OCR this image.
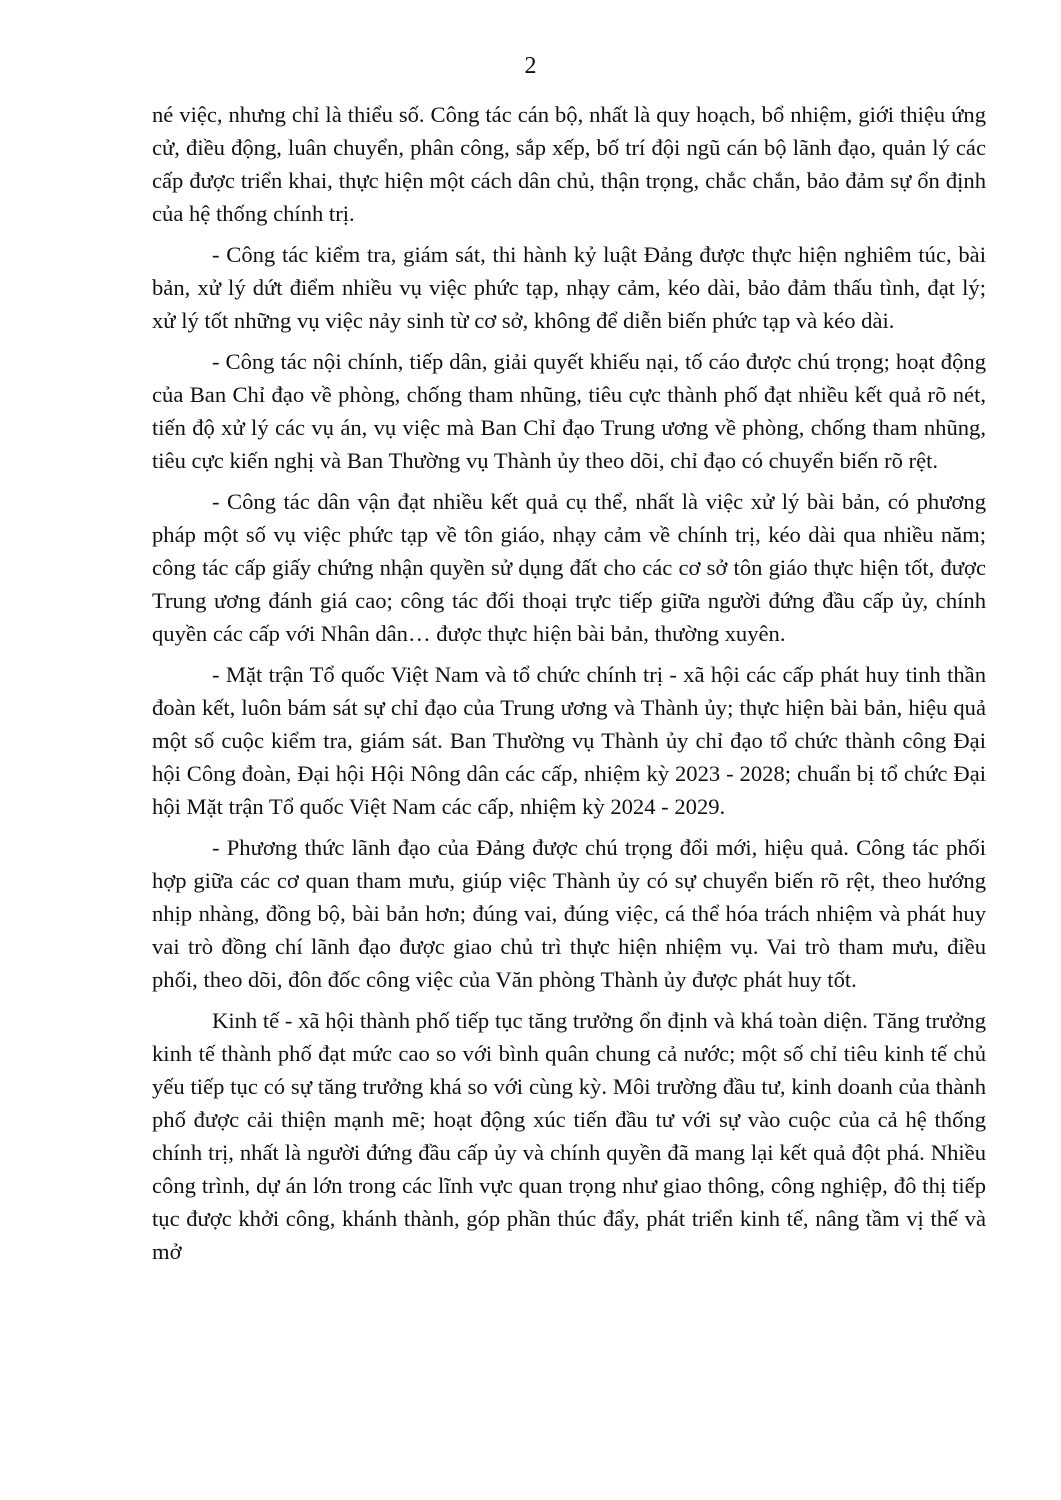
2

né việc, nhưng chỉ là thiểu số. Công tác cán bộ, nhất là quy hoạch, bổ nhiệm, giới thiệu ứng cử, điều động, luân chuyển, phân công, sắp xếp, bố trí đội ngũ cán bộ lãnh đạo, quản lý các cấp được triển khai, thực hiện một cách dân chủ, thận trọng, chắc chắn, bảo đảm sự ổn định của hệ thống chính trị.

- Công tác kiểm tra, giám sát, thi hành kỷ luật Đảng được thực hiện nghiêm túc, bài bản, xử lý dứt điểm nhiều vụ việc phức tạp, nhạy cảm, kéo dài, bảo đảm thấu tình, đạt lý; xử lý tốt những vụ việc nảy sinh từ cơ sở, không để diễn biến phức tạp và kéo dài.

- Công tác nội chính, tiếp dân, giải quyết khiếu nại, tố cáo được chú trọng; hoạt động của Ban Chỉ đạo về phòng, chống tham nhũng, tiêu cực thành phố đạt nhiều kết quả rõ nét, tiến độ xử lý các vụ án, vụ việc mà Ban Chỉ đạo Trung ương về phòng, chống tham nhũng, tiêu cực kiến nghị và Ban Thường vụ Thành ủy theo dõi, chỉ đạo có chuyển biến rõ rệt.

- Công tác dân vận đạt nhiều kết quả cụ thể, nhất là việc xử lý bài bản, có phương pháp một số vụ việc phức tạp về tôn giáo, nhạy cảm về chính trị, kéo dài qua nhiều năm; công tác cấp giấy chứng nhận quyền sử dụng đất cho các cơ sở tôn giáo thực hiện tốt, được Trung ương đánh giá cao; công tác đối thoại trực tiếp giữa người đứng đầu cấp ủy, chính quyền các cấp với Nhân dân… được thực hiện bài bản, thường xuyên.

- Mặt trận Tổ quốc Việt Nam và tổ chức chính trị - xã hội các cấp phát huy tinh thần đoàn kết, luôn bám sát sự chỉ đạo của Trung ương và Thành ủy; thực hiện bài bản, hiệu quả một số cuộc kiểm tra, giám sát. Ban Thường vụ Thành ủy chỉ đạo tổ chức thành công Đại hội Công đoàn, Đại hội Hội Nông dân các cấp, nhiệm kỳ 2023 - 2028; chuẩn bị tổ chức Đại hội Mặt trận Tổ quốc Việt Nam các cấp, nhiệm kỳ 2024 - 2029.

- Phương thức lãnh đạo của Đảng được chú trọng đổi mới, hiệu quả. Công tác phối hợp giữa các cơ quan tham mưu, giúp việc Thành ủy có sự chuyển biến rõ rệt, theo hướng nhịp nhàng, đồng bộ, bài bản hơn; đúng vai, đúng việc, cá thể hóa trách nhiệm và phát huy vai trò đồng chí lãnh đạo được giao chủ trì thực hiện nhiệm vụ. Vai trò tham mưu, điều phối, theo dõi, đôn đốc công việc của Văn phòng Thành ủy được phát huy tốt.

Kinh tế - xã hội thành phố tiếp tục tăng trưởng ổn định và khá toàn diện. Tăng trưởng kinh tế thành phố đạt mức cao so với bình quân chung cả nước; một số chỉ tiêu kinh tế chủ yếu tiếp tục có sự tăng trưởng khá so với cùng kỳ. Môi trường đầu tư, kinh doanh của thành phố được cải thiện mạnh mẽ; hoạt động xúc tiến đầu tư với sự vào cuộc của cả hệ thống chính trị, nhất là người đứng đầu cấp ủy và chính quyền đã mang lại kết quả đột phá. Nhiều công trình, dự án lớn trong các lĩnh vực quan trọng như giao thông, công nghiệp, đô thị tiếp tục được khởi công, khánh thành, góp phần thúc đẩy, phát triển kinh tế, nâng tầm vị thế và mở
